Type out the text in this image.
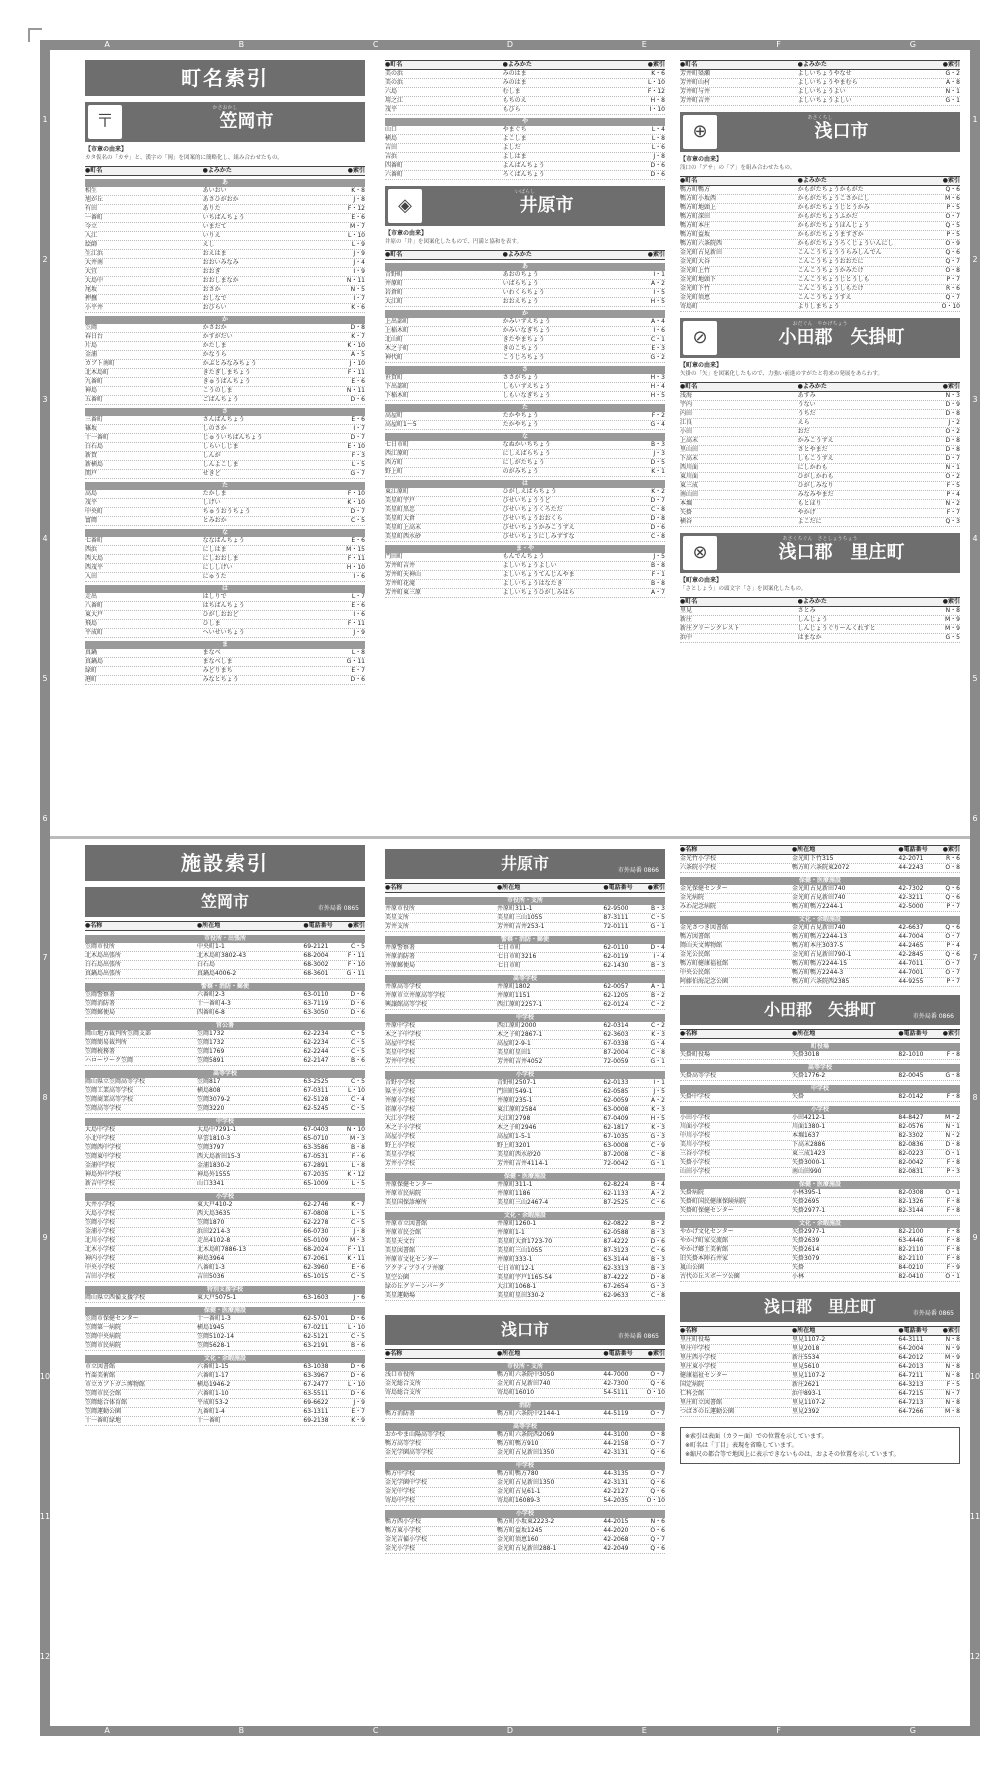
A	B	C	D	E	F	G
A	B	C	D	E	F	G
1
2
3
4
5
6
7
8
9
10
11
12
1
2
3
4
5
6
7
8
9
10
11
12
町名索引
かさおかし
〒	笠岡市
【市章の由来】
カタ仮名の「カサ」と、漢字の「岡」を図案的に簡略化し、組み合わせたもの。
●町名	●よみかた	●索引
あ
相生	あいおい	K・8
旭が丘	あさひがおか	J・8
有田	ありた	F・12
一番町	いちばんちょう	E・6
今立	いまだて	M・7
入江	いりえ	L・10
絵師	えし	L・9
生江浜	おえはま	J・9
大井南	おおいみなみ	J・4
大宜	おおぎ	I・9
大島中	おおしまなか	N・11
尾坂	おさか	N・5
押撫	おしなで	I・7
小平井	おびらい	K・6
か
笠岡	かさおか	D・8
春日台	かすがだい	K・7
片島	かたしま	K・10
金浦	かなうら	A・5
カブト南町	かぶとみなみちょう	J・10
北木島町	きたぎしまちょう	F・11
九番町	きゅうばんちょう	E・6
神島	こうのしま	N・11
五番町	ごばんちょう	D・6
さ
三番町	さんばんちょう	E・6
篠坂	しのさか	I・7
十一番町	じゅういちばんちょう	D・7
白石島	しらいしじま	E・10
新賀	しんが	F・3
新横島	しんよこしま	L・5
関戸	せきど	G・7
た
高島	たかしま	F・10
茂平	しげい	K・10
中央町	ちゅうおうちょう	D・7
富岡	とみおか	C・5
な
七番町	ななばんちょう	E・6
西浜	にしはま	M・15
西大島	にしおおしま	F・11
西茂平	にししげい	H・10
入田	にゅうた	I・6
は
走出	はしりで	L・7
八番町	はちばんちょう	E・6
東大戸	ひがしおおど	I・6
飛島	ひしま	F・11
平成町	へいせいちょう	J・9
ま
真鍋	まなべ	L・8
真鍋島	まなべしま	G・11
緑町	みどりまち	E・7
港町	みなとちょう	D・6
●町名	●よみかた	●索引
美の浜	みのはま	K・6
美の浜	みのはま	L・10
六島	むしま	F・12
用之江	もちのえ	H・8
茂平	もびら	I・10
や
山口	やまぐち	L・4
横島	よこしま	L・8
吉田	よしだ	L・6
吉浜	よしはま	J・8
四番町	よんばんちょう	D・6
六番町	ろくばんちょう	D・6
いばらし
◈	井原市
【市章の由来】
井原の「井」を図案化したもので、円満と協和を表す。
●町名	●よみかた	●索引
あ
青野町	あおのちょう	I・1
井原町	いばらちょう	A・2
岩倉町	いわくらちょう	I・5
大江町	おおえちょう	H・5
か
上出部町	かみいずえちょう	A・4
上稲木町	かみいなぎちょう	I・6
北山町	きたやまちょう	C・1
木之子町	きのこちょう	E・3
神代町	こうじろちょう	G・2
さ
笹賀町	ささがちょう	H・3
下出部町	しもいずえちょう	H・4
下稲木町	しもいなぎちょう	H・5
た
高屋町	たかやちょう	F・2
高屋町1～5	たかやちょう	G・4
な
七日市町	なぬかいちちょう	B・3
西江原町	にしえばらちょう	J・3
西方町	にしがたちょう	D・5
野上町	のがみちょう	K・1
は
東江原町	ひがしえばらちょう	K・2
美星町宇戸	びせいちょううど	D・7
美星町黒忠	びせいちょうくろただ	C・8
美星町大倉	びせいちょうおおくら	D・8
美星町上高末	びせいちょうかみこうずえ	D・6
美星町西水砂	びせいちょうにしみずすな	C・8
ま・や
門田町	もんでんちょう	J・5
芳井町吉井	よしいちょうよしい	B・8
芳井町天神山	よしいちょうてんじんやま	F・1
芳井町花滝	よしいちょうはなたき	B・8
芳井町東三原	よしいちょうひがしみはら	A・7
●町名	●よみかた	●索引
芳井町簗瀬	よしいちょうやなせ	G・2
芳井町山村	よしいちょうやまむら	A・8
芳井町与井	よしいちょうよい	N・1
芳井町吉井	よしいちょうよしい	G・1
あさくちし
⊕	浅口市
【市章の由来】
浅口の「アサ」の「ア」を組み合わせたもの。
●町名	●よみかた	●索引
鴨方町鴨方	かもがたちょうかもがた	Q・6
鴨方町小坂西	かもがたちょうこさかにし	M・6
鴨方町地頭上	かもがたちょうじとうかみ	P・5
鴨方町深田	かもがたちょうふかだ	O・7
鴨方町本庄	かもがたちょうほんじょう	Q・5
鴨方町益坂	かもがたちょうますざか	P・5
鴨方町六条院西	かもがたちょうろくじょういんにし	O・9
金光町占見新田	こんこうちょううらみしんでん	Q・6
金光町大谷	こんこうちょうおおたに	Q・7
金光町上竹	こんこうちょうかみたけ	O・8
金光町地頭下	こんこうちょうじとうしも	P・7
金光町下竹	こんこうちょうしもたけ	R・6
金光町須恵	こんこうちょうすえ	Q・7
寄島町	よりしまちょう	O・10
おだぐん　やかげちょう
⊘	小田郡　矢掛町
【町章の由来】
矢掛の「矢」を図案化したもので、力強い前進のすがたと将来の発展をあらわす。
●町名	●よみかた	●索引
浅海	あすみ	N・3
宇内	うない	D・9
内田	うちだ	D・8
江良	えら	J・2
小田	おだ	O・2
上高末	かみこうずえ	D・8
里山田	さとやまだ	D・8
下高末	しもこうずえ	D・7
西川面	にしかわも	N・1
東川面	ひがしかわも	O・2
東三成	ひがしみなり	F・5
南山田	みなみやまだ	P・4
本堀	もとほり	N・2
矢掛	やかげ	F・7
横谷	よこだに	Q・3
あさくちぐん　さとしょうちょう
⊗	浅口郡　里庄町
【町章の由来】
「さとしょう」の頭文字「さ」を図案化したもの。
●町名	●よみかた	●索引
里見	さとみ	N・8
新庄	しんじょう	M・9
新庄グリーンクレスト	しんじょうぐりーんくれすと	M・9
浜中	はまなか	G・5
施設索引
笠岡市	市外局番 0865
●名称	●所在地	●電話番号	●索引
市役所・出張所
笠岡市役所	中央町1-1	69-2121	C・5
北木島出張所	北木島町3802-43	68-2004	F・11
白石島出張所	白石島	68-3002	F・10
真鍋島出張所	真鍋島4006-2	68-3601	G・11
警察・消防・郵便
笠岡警察署	六番町2-3	63-0110	D・6
笠岡消防署	十一番町4-3	63-7119	D・6
笠岡郵便局	四番町6-8	63-3050	D・6
官公署
岡山地方裁判所笠岡支部	笠岡1732	62-2234	C・5
笠岡簡易裁判所	笠岡1732	62-2234	C・5
笠岡税務署	笠岡1769	62-2244	C・5
ハローワーク笠岡	笠岡5891	62-2147	B・6
高等学校
岡山県立笠岡高等学校	笠岡817	63-2525	C・5
笠岡工業高等学校	横島808	67-0311	L・10
笠岡商業高等学校	笠岡3079-2	62-5128	C・4
笠岡高等学校	笠岡3220	62-5245	C・5
中学校
大島中学校	大島中7291-1	67-0403	N・10
小北中学校	早雲1810-3	65-0710	M・3
笠岡西中学校	笠岡3797	63-3586	B・8
笠岡東中学校	西大島新田15-3	67-0531	F・6
金浦中学校	金浦1830-2	67-2891	L・8
神島外中学校	神島外1555	67-2035	K・12
新吉中学校	山口3341	65-1009	L・5
小学校
大井小学校	東大戸410-2	62-2746	K・7
大島小学校	西大島3635	67-0808	L・5
笠岡小学校	笠岡1870	62-2278	C・5
金浦小学校	浜田2214-3	66-0730	J・8
北川小学校	走出4102-8	65-0109	M・3
北木小学校	北木島町7886-13	68-2024	F・11
神内小学校	神島3964	67-2061	K・11
中央小学校	八番町1-3	62-3960	E・6
吉田小学校	吉田5036	65-1015	C・5
特別支援学校
岡山県立西備支援学校	東大戸5075-1	63-1603	J・6
保健・医療施設
笠岡市保健センター	十一番町1-3	62-5701	D・6
笠岡第一病院	横島1945	67-0211	L・10
笠岡中央病院	笠岡5102-14	62-5121	C・5
笠岡市民病院	笠岡5628-1	63-2191	B・6
文化・余暇施設
市立図書館	六番町1-15	63-1038	D・6
竹喬美術館	六番町1-17	63-3967	D・6
市立カブトガニ博物館	横島1946-2	67-2477	L・10
笠岡市民会館	六番町1-10	63-5511	D・6
笠岡総合体育館	平成町53-2	69-6622	J・9
笠岡運動公園	九番町1-4	63-1311	E・7
十一番町緑地	十一番町	69-2138	K・9
井原市	市外局番 0866
●名称	●所在地	●電話番号	●索引
市役所・支所
井原市役所	井原町311-1	62-9500	B・3
美星支所	美星町三山1055	87-3111	C・5
芳井支所	芳井町吉井253-1	72-0111	G・1
警察・消防・郵便
井原警察署	七日市町	62-0110	D・4
井原消防署	七日市町3216	62-0119	I・4
井原郵便局	七日市町	62-1430	B・3
高等学校
井原高等学校	井原町1802	62-0057	A・1
井原市立井原高等学校	井原町1151	62-1205	B・2
興譲館高等学校	西江原町2257-1	62-0124	C・2
中学校
井原中学校	西江原町2000	62-0314	C・2
木之子中学校	木之子町2867-1	62-3603	K・3
高屋中学校	高屋町2-9-1	67-0338	G・4
美星中学校	美星町星田1	87-2004	C・8
芳井中学校	芳井町吉井4052	72-0059	G・1
小学校
青野小学校	青野町2507-1	62-0133	I・1
県主小学校	門田町549-1	62-0585	J・5
井原小学校	井原町235-1	62-0059	A・2
荏原小学校	東江原町2584	63-0008	K・3
大江小学校	大江町2798	67-0409	H・5
木之子小学校	木之子町2946	62-1817	K・3
高屋小学校	高屋町1-5-1	67-1035	G・3
野上小学校	野上町3201	63-0008	C・9
美星小学校	美星町西水砂20	87-2008	C・8
芳井小学校	芳井町吉井4114-1	72-0042	G・1
保健・医療施設
井原保健センター	井原町311-1	62-8224	B・4
井原市民病院	井原町1186	62-1133	A・2
美星国保診療所	美星町三山2467-4	87-2525	C・6
文化・余暇施設
井原市立図書館	井原町1260-1	62-0822	B・2
井原市民会館	井原町1-1	62-0588	B・3
美星天文台	美星町大倉1723-70	87-4222	D・6
美星図書館	美星町三山1055	87-3123	C・6
井原市文化センター	井原町333-1	63-3144	B・3
アクティブライフ井原	七日市町12-1	62-3313	B・3
星空公園	美星町宇戸1165-54	87-4222	D・8
緑の丘グリーンパーク	大江町1068-1	67-2654	G・3
美星運動場	美星町星田330-2	62-9633	C・8
浅口市	市外局番 0865
●名称	●所在地	●電話番号	●索引
市役所・支所
浅口市役所	鴨方町六条院中3050	44-7000	O・7
金光総合支所	金光町占見新田740	42-7300	Q・6
寄島総合支所	寄島町16010	54-5111	O・10
消防
鴨方消防署	鴨方町六条院中2144-1	44-5119	O・7
高等学校
おかやま山陽高等学校	鴨方町六条院西2069	44-3100	O・8
鴨方高等学校	鴨方町鴨方910	44-2158	O・7
金光学園高等学校	金光町占見新田1350	42-3131	Q・6
中学校
鴨方中学校	鴨方町鴨方780	44-3135	O・7
金光学園中学校	金光町占見新田1350	42-3131	Q・6
金光中学校	金光町占見61-1	42-2127	Q・6
寄島中学校	寄島町16089-3	54-2035	O・10
小学校
鴨方西小学校	鴨方町小坂東2223-2	44-2015	N・6
鴨方東小学校	鴨方町益坂1245	44-2020	O・6
金光吉備小学校	金光町須恵160	42-2068	Q・7
金光小学校	金光町占見新田288-1	42-2049	Q・6
●名称	●所在地	●電話番号	●索引
金光竹小学校	金光町下竹315	42-2071	R・6
六条院小学校	鴨方町六条院東2072	44-2243	O・8
保健・医療施設
金光保健センター	金光町占見新田740	42-7302	Q・6
金光病院	金光町占見新田740	42-3211	Q・6
みわ記念病院	鴨方町鴨方2244-1	42-5000	P・7
文化・余暇施設
金光さつき図書館	金光町占見新田740	42-6637	Q・6
鴨方図書館	鴨方町鴨方2244-13	44-7004	O・7
岡山天文博物館	鴨方町本庄3037-5	44-2465	P・4
金光公民館	金光町占見新田790-1	42-2845	Q・6
鴨方町健康福祉館	鴨方町鴨方2244-15	44-7011	O・7
中央公民館	鴨方町鴨方2244-3	44-7001	O・7
阿藤伯海記念公園	鴨方町六条院西2385	44-9255	P・7
小田郡　矢掛町	市外局番 0866
●名称	●所在地	●電話番号	●索引
町役場
矢掛町役場	矢掛3018	82-1010	F・8
高等学校
矢掛高等学校	矢掛1776-2	82-0045	G・8
中学校
矢掛中学校	矢掛	82-0142	F・8
小学校
小田小学校	小田4212-1	84-8427	M・2
川面小学校	川面1380-1	82-0576	N・1
中川小学校	本堀1637	82-3302	N・2
美川小学校	下高末2886	82-0836	D・8
三谷小学校	東三成1423	82-0223	O・1
矢掛小学校	矢掛3000-1	82-0042	F・8
山田小学校	南山田990	82-0831	P・3
保健・医療施設
矢掛病院	小林395-1	82-0308	O・1
矢掛町国民健康保険病院	矢掛2695	82-1326	F・8
矢掛町保健センター	矢掛2977-1	82-3144	F・8
文化・余暇施設
やかげ文化センター	矢掛2977-1	82-2100	F・8
やかげ町家交流館	矢掛2639	63-4446	F・8
やかげ郷土美術館	矢掛2614	82-2110	F・8
旧矢掛本陣石井家	矢掛3079	82-2110	F・8
嵐山公園	矢掛	84-0210	F・9
古代の丘スポーツ公園	小林	82-0410	O・1
浅口郡　里庄町	市外局番 0865
●名称	●所在地	●電話番号	●索引
里庄町役場	里見1107-2	64-3111	N・8
里庄中学校	里見2018	64-2004	N・9
里庄西小学校	新庄5534	64-2012	M・9
里庄東小学校	里見5610	64-2013	N・8
健康福祉センター	里見1107-2	64-7211	N・8
国定病院	新庄2621	64-3213	F・5
仁科会館	浜中893-1	64-7215	N・7
里庄町立図書館	里見1107-2	64-7213	N・8
つばさの丘運動公園	里見2392	64-7266	M・8
※索引は表面（カラー面）での位置を示しています。
※町名は「丁目」表現を省略しています。
※縮尺の都合等で地図上に表示できないものは、およその位置を示しています。
